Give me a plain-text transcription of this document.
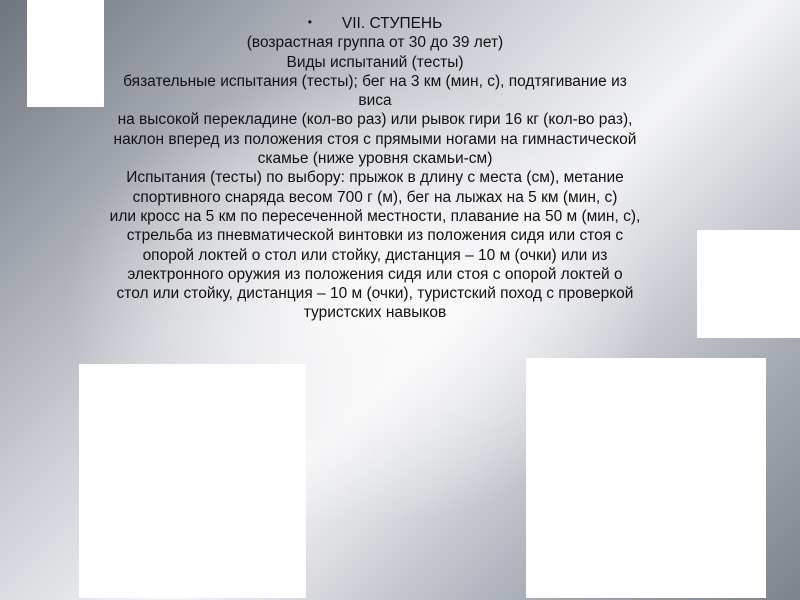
• VII. СТУПЕНЬ

(возрастная группа от 30 до 39 лет)

Виды испытаний (тесты)

бязательные испытания (тесты); бег на 3 км (мин, с), подтягивание из

виса

на высокой перекладине (кол-во раз) или рывок гири 16 кг (кол-во раз),

наклон вперед из положения стоя с прямыми ногами на гимнастической

скамье (ниже уровня скамьи-см)

Испытания (тесты) по выбору: прыжок в длину с места (см), метание

спортивного снаряда весом 700 г (м), бег на лыжах на 5 км (мин, с)

или кросс на 5 км по пересеченной местности, плавание на 50 м (мин, с),

стрельба из пневматической винтовки из положения сидя или стоя с

опорой локтей о стол или стойку, дистанция – 10 м (очки) или из

электронного оружия из положения сидя или стоя с опорой локтей о

стол или стойку, дистанция – 10 м (очки), туристский поход с проверкой

туристских навыков
